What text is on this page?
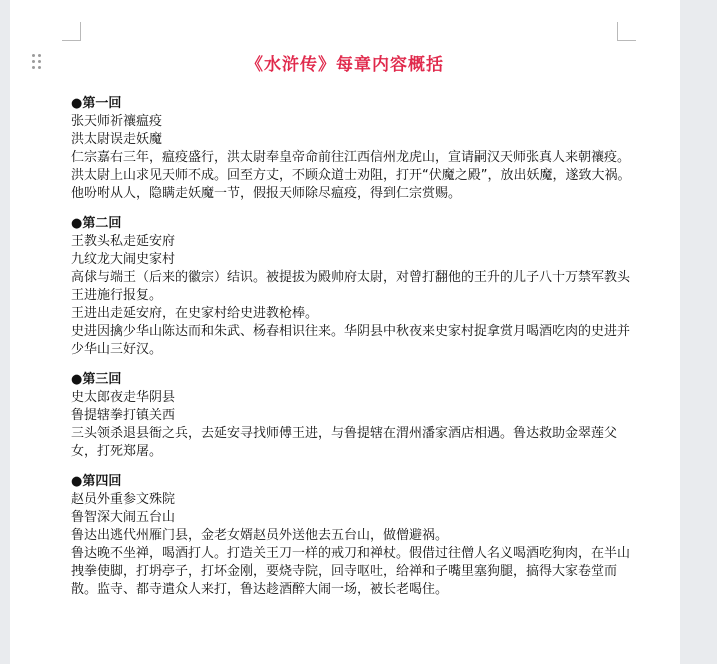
《水浒传》每章内容概括
●第一回
张天师祈禳瘟疫
洪太尉误走妖魔
仁宗嘉右三年，瘟疫盛行，洪太尉奉皇帝命前往江西信州龙虎山，宣请嗣汉天师张真人来朝禳疫。
洪太尉上山求见天师不成。回至方丈，不顾众道士劝阻，打开“伏魔之殿”，放出妖魔，遂致大祸。他吩咐从人，隐瞒走妖魔一节，假报天师除尽瘟疫，得到仁宗赏赐。
●第二回
王教头私走延安府
九纹龙大闹史家村
高俅与端王（后来的徽宗）结识。被提拔为殿帅府太尉，对曾打翻他的王升的儿子八十万禁军教头王进施行报复。
王进出走延安府，在史家村给史进教枪棒。
史进因擒少华山陈达而和朱武、杨春相识往来。华阴县中秋夜来史家村捉拿赏月喝酒吃肉的史进并少华山三好汉。
●第三回
史太郎夜走华阴县
鲁提辖拳打镇关西
三头领杀退县衙之兵，去延安寻找师傅王进，与鲁提辖在渭州潘家酒店相遇。鲁达救助金翠莲父女，打死郑屠。
●第四回
赵员外重参文殊院
鲁智深大闹五台山
鲁达出逃代州雁门县，金老女婿赵员外送他去五台山，做僧避祸。
鲁达晚不坐禅，喝酒打人。打造关王刀一样的戒刀和禅杖。假借过往僧人名义喝酒吃狗肉，在半山拽拳使脚，打坍亭子，打坏金刚，要烧寺院，回寺呕吐，给禅和子嘴里塞狗腿，搞得大家卷堂而散。监寺、都寺遣众人来打，鲁达趁酒醉大闹一场，被长老喝住。
